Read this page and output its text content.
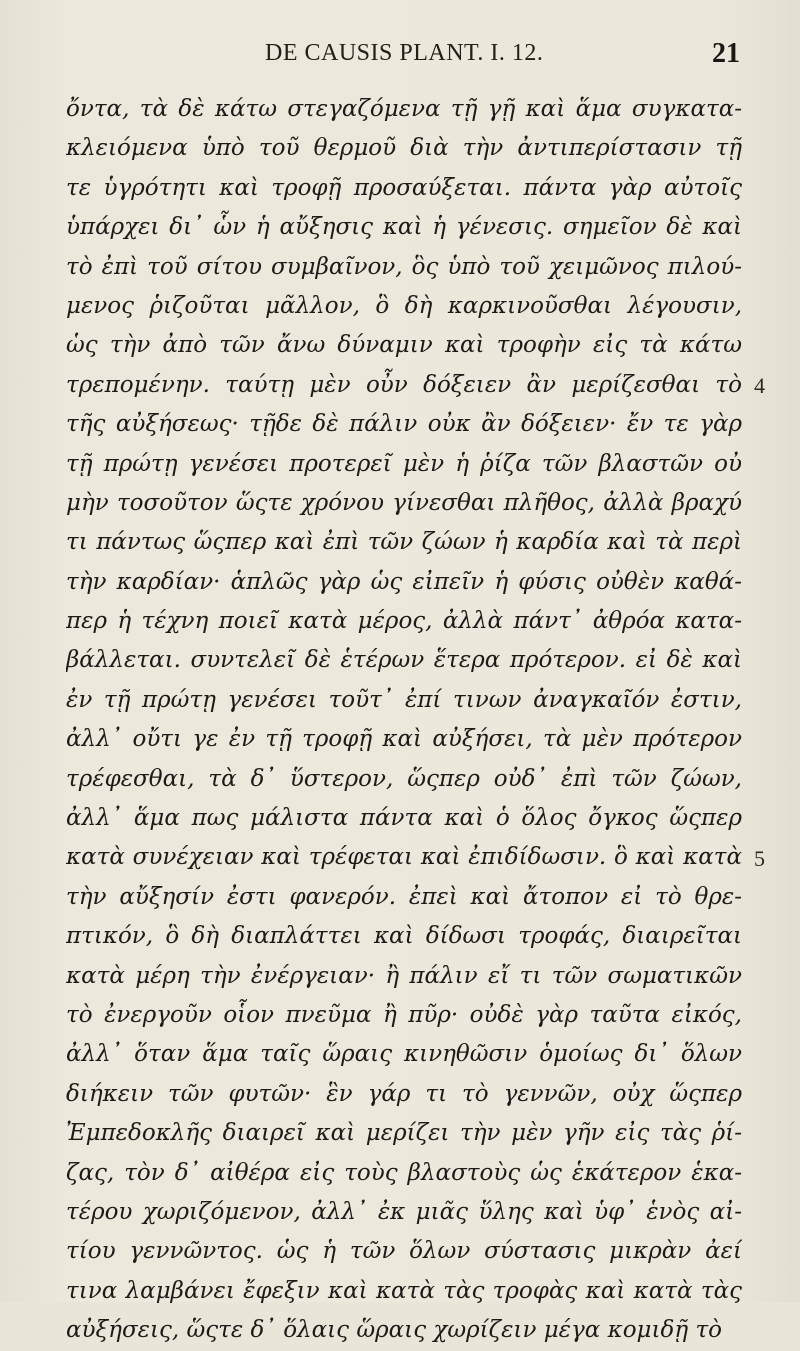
DE CAUSIS PLANT. I. 12.	21
ὄντα, τὰ δὲ κάτω στεγαζόμενα τῇ γῇ καὶ ἅμα συγκατα-
κλειόμενα ὑπὸ τοῦ θερμοῦ διὰ τὴν ἀντιπερίστασιν τῇ
τε ὑγρότητι καὶ τροφῇ προσαύξεται. πάντα γὰρ αὐτοῖς
ὑπάρχει δι᾽ ὧν ἡ αὔξησις καὶ ἡ γένεσις. σημεῖον δὲ καὶ
τὸ ἐπὶ τοῦ σίτου συμβαῖνον, ὃς ὑπὸ τοῦ χειμῶνος πιλού-
μενος ῥιζοῦται μᾶλλον, ὃ δὴ καρκινοῦσθαι λέγουσιν,
ὡς τὴν ἀπὸ τῶν ἄνω δύναμιν καὶ τροφὴν εἰς τὰ κάτω
τρεπομένην. ταύτῃ μὲν οὖν δόξειεν ἂν μερίζεσθαι τὸ
τῆς αὐξήσεως· τῇδε δὲ πάλιν οὐκ ἂν δόξειεν· ἔν τε γὰρ
τῇ πρώτῃ γενέσει προτερεῖ μὲν ἡ ῥίζα τῶν βλαστῶν οὐ
μὴν τοσοῦτον ὥςτε χρόνου γίνεσθαι πλῆθος, ἀλλὰ βραχύ
τι πάντως ὥςπερ καὶ ἐπὶ τῶν ζώων ἡ καρδία καὶ τὰ περὶ
τὴν καρδίαν· ἁπλῶς γὰρ ὡς εἰπεῖν ἡ φύσις οὐθὲν καθά-
περ ἡ τέχνη ποιεῖ κατὰ μέρος, ἀλλὰ πάντ᾽ ἀθρόα κατα-
βάλλεται. συντελεῖ δὲ ἑτέρων ἕτερα πρότερον. εἰ δὲ καὶ
ἐν τῇ πρώτῃ γενέσει τοῦτ᾽ ἐπί τινων ἀναγκαῖόν ἐστιν,
ἀλλ᾽ οὔτι γε ἐν τῇ τροφῇ καὶ αὐξήσει, τὰ μὲν πρότερον
τρέφεσθαι, τὰ δ᾽ ὕστερον, ὥςπερ οὐδ᾽ ἐπὶ τῶν ζώων,
ἀλλ᾽ ἅμα πως μάλιστα πάντα καὶ ὁ ὅλος ὄγκος ὥςπερ
κατὰ συνέχειαν καὶ τρέφεται καὶ ἐπιδίδωσιν. ὃ καὶ κατὰ
τὴν αὔξησίν ἐστι φανερόν. ἐπεὶ καὶ ἄτοπον εἰ τὸ θρε-
πτικόν, ὃ δὴ διαπλάττει καὶ δίδωσι τροφάς, διαιρεῖται
κατὰ μέρη τὴν ἐνέργειαν· ἢ πάλιν εἴ τι τῶν σωματικῶν
τὸ ἐνεργοῦν οἷον πνεῦμα ἢ πῦρ· οὐδὲ γὰρ ταῦτα εἰκός,
ἀλλ᾽ ὅταν ἅμα ταῖς ὥραις κινηθῶσιν ὁμοίως δι᾽ ὅλων
διήκειν τῶν φυτῶν· ἓν γάρ τι τὸ γεννῶν, οὐχ ὥςπερ
Ἐμπεδοκλῆς διαιρεῖ καὶ μερίζει τὴν μὲν γῆν εἰς τὰς ῥί-
ζας, τὸν δ᾽ αἰθέρα εἰς τοὺς βλαστοὺς ὡς ἑκάτερον ἑκα-
τέρου χωριζόμενον, ἀλλ᾽ ἐκ μιᾶς ὕλης καὶ ὑφ᾽ ἑνὸς αἰ-
τίου γεννῶντος. ὡς ἡ τῶν ὅλων σύστασις μικρὰν ἀεί
τινα λαμβάνει ἔφεξιν καὶ κατὰ τὰς τροφὰς καὶ κατὰ τὰς
αὐξήσεις, ὥςτε δ᾽ ὅλαις ὥραις χωρίζειν μέγα κομιδῇ τὸ
4
5
